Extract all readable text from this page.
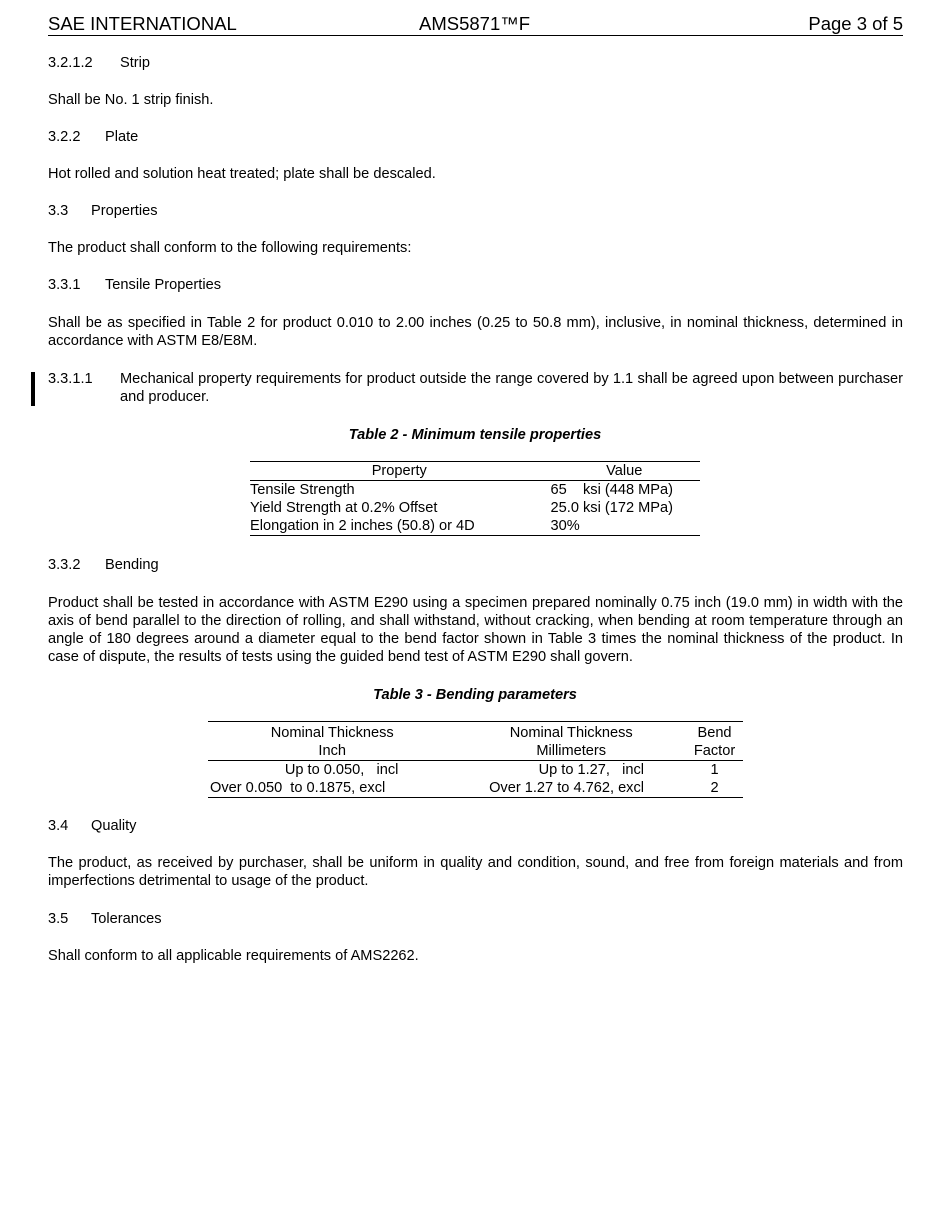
SAE INTERNATIONAL	AMS5871™F	Page 3 of 5
3.2.1.2 Strip
Shall be No. 1 strip finish.
3.2.2 Plate
Hot rolled and solution heat treated; plate shall be descaled.
3.3 Properties
The product shall conform to the following requirements:
3.3.1 Tensile Properties
Shall be as specified in Table 2 for product 0.010 to 2.00 inches (0.25 to 50.8 mm), inclusive, in nominal thickness, determined in accordance with ASTM E8/E8M.
3.3.1.1 Mechanical property requirements for product outside the range covered by 1.1 shall be agreed upon between purchaser and producer.
Table 2 - Minimum tensile properties
Property	Value
Tensile Strength	65    ksi (448 MPa)
Yield Strength at 0.2% Offset	25.0 ksi (172 MPa)
Elongation in 2 inches (50.8) or 4D	30%
3.3.2 Bending
Product shall be tested in accordance with ASTM E290 using a specimen prepared nominally 0.75 inch (19.0 mm) in width with the axis of bend parallel to the direction of rolling, and shall withstand, without cracking, when bending at room temperature through an angle of 180 degrees around a diameter equal to the bend factor shown in Table 3 times the nominal thickness of the product. In case of dispute, the results of tests using the guided bend test of ASTM E290 shall govern.
Table 3 - Bending parameters
Nominal Thickness	Nominal Thickness	Bend
Inch	Millimeters	Factor
Up to 0.050,   incl	Up to 1.27,   incl	1
Over 0.050  to 0.1875, excl	Over 1.27 to 4.762, excl	2
3.4 Quality
The product, as received by purchaser, shall be uniform in quality and condition, sound, and free from foreign materials and from imperfections detrimental to usage of the product.
3.5 Tolerances
Shall conform to all applicable requirements of AMS2262.
